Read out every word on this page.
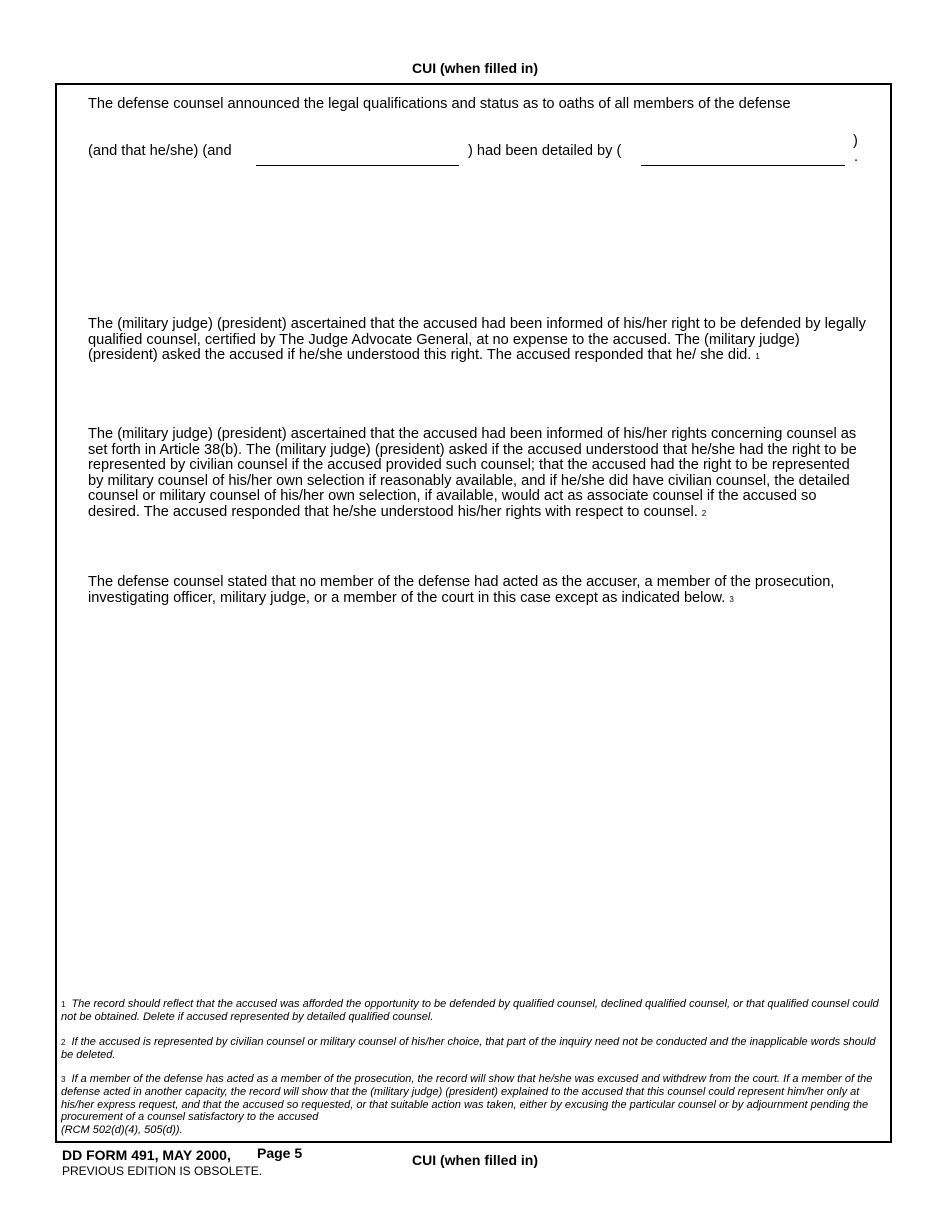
CUI (when filled in)
The defense counsel announced the legal qualifications and status as to oaths of all members of the defense
(and that he/she) (and	) had been detailed by (
)
.
The (military judge) (president) ascertained that the accused had been informed of his/her right to be defended by legally qualified counsel, certified by The Judge Advocate General, at no expense to the accused. The (military judge) (president) asked the accused if he/she understood this right. The accused responded that he/ she did. 1
The (military judge) (president) ascertained that the accused had been informed of his/her rights concerning counsel as set forth in Article 38(b). The (military judge) (president) asked if the accused understood that he/she had the right to be represented by civilian counsel if the accused provided such counsel; that the accused had the right to be represented by military counsel of his/her own selection if reasonably available, and if he/she did have civilian counsel, the detailed counsel or military counsel of his/her own selection, if available, would act as associate counsel if the accused so desired. The accused responded that he/she understood his/her rights with respect to counsel. 2
The defense counsel stated that no member of the defense had acted as the accuser, a member of the prosecution, investigating officer, military judge, or a member of the court in this case except as indicated below. 3
1 The record should reflect that the accused was afforded the opportunity to be defended by qualified counsel, declined qualified counsel, or that qualified counsel could not be obtained. Delete if accused represented by detailed qualified counsel.
2 If the accused is represented by civilian counsel or military counsel of his/her choice, that part of the inquiry need not be conducted and the inapplicable words should be deleted.
3 If a member of the defense has acted as a member of the prosecution, the record will show that he/she was excused and withdrew from the court. If a member of the defense acted in another capacity, the record will show that the (military judge) (president) explained to the accused that this counsel could represent him/her only at his/her express request, and that the accused so requested, or that suitable action was taken, either by excusing the particular counsel or by adjournment pending the procurement of a counsel satisfactory to the accused
(RCM 502(d)(4), 505(d)).
DD FORM 491, MAY 2000, Page 5
PREVIOUS EDITION IS OBSOLETE.
CUI (when filled in)
